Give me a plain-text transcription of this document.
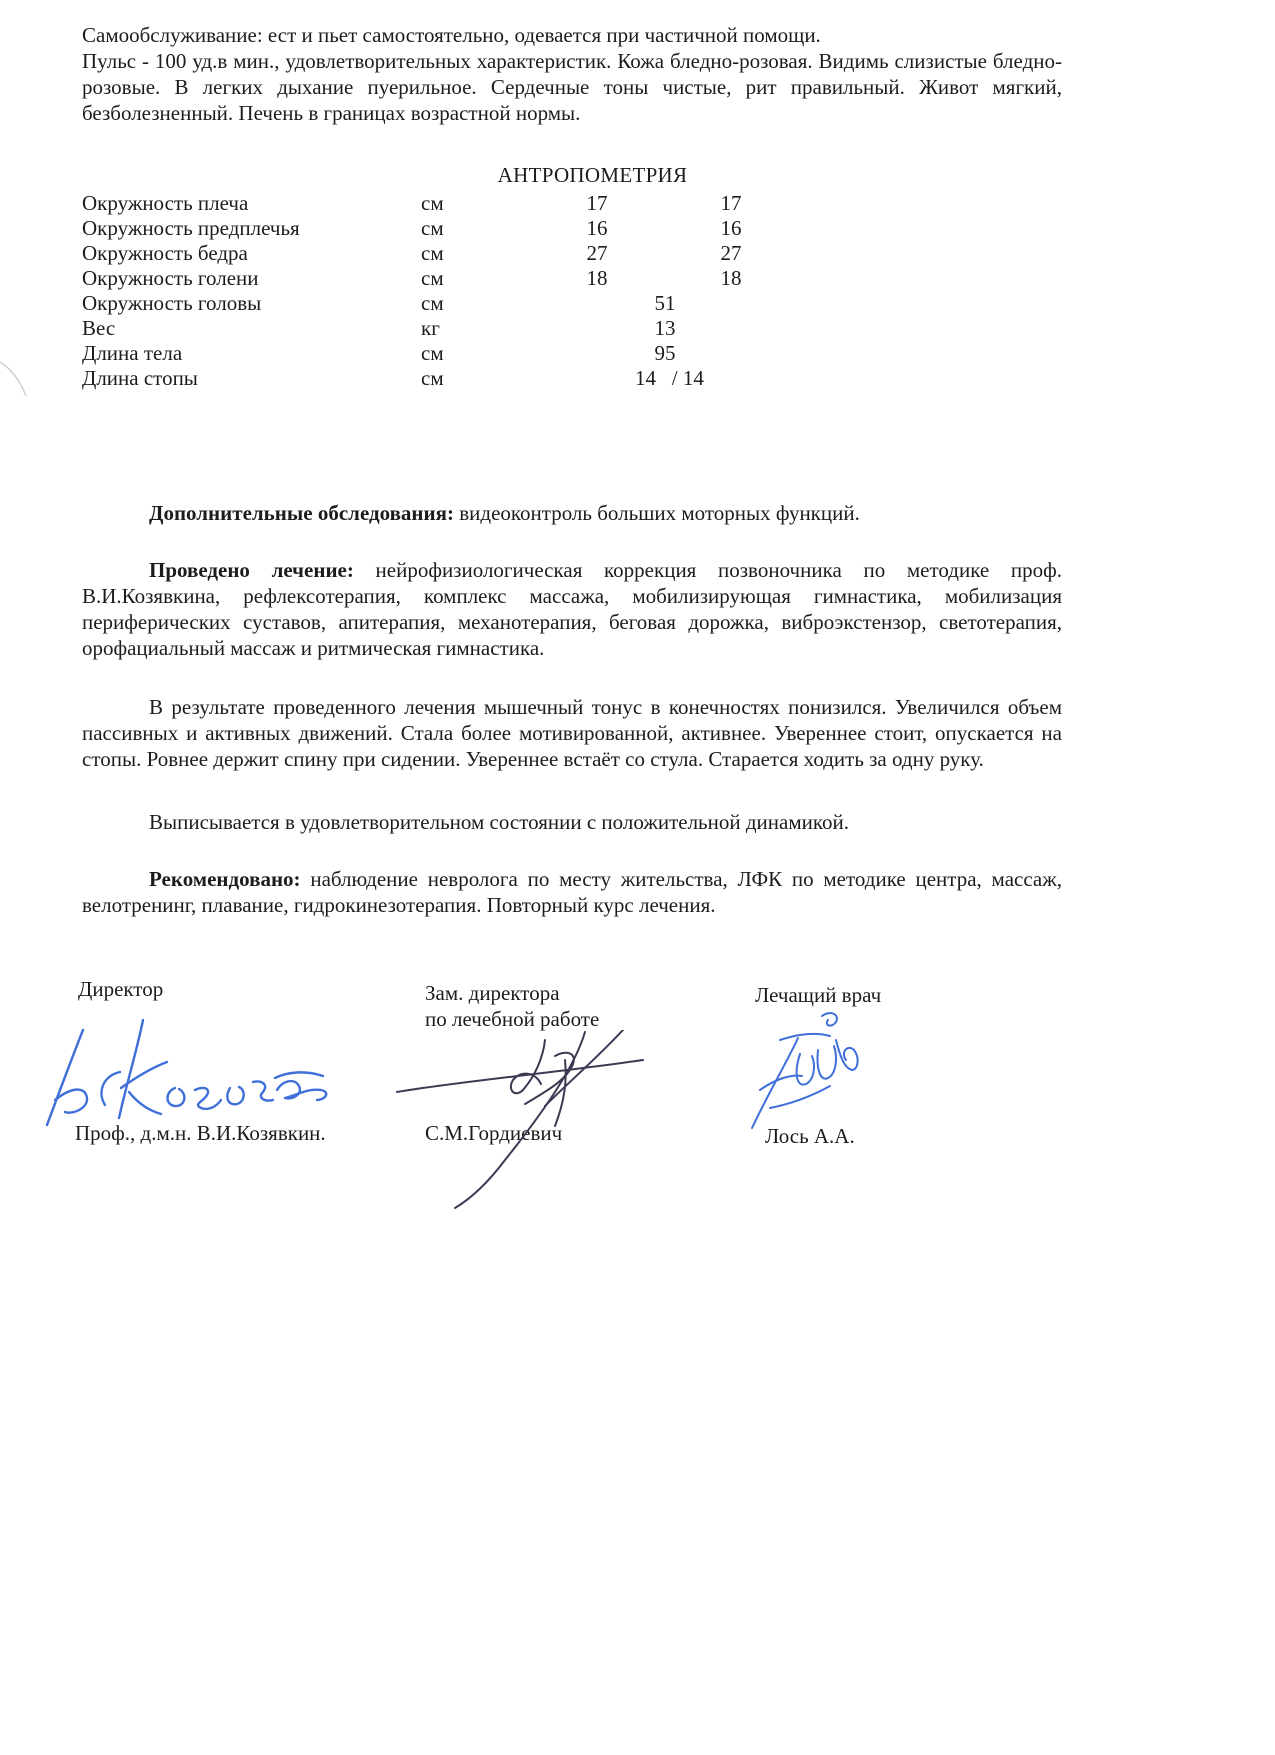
Самообслуживание: ест и пьет самостоятельно, одевается при частичной помощи.

Пульс - 100 уд.в мин., удовлетворительных характеристик. Кожа бледно-розовая. Видимь слизистые бледно-розовые. В легких дыхание пуерильное. Сердечные тоны чистые, рит правильный. Живот мягкий, безболезненный. Печень в границах возрастной нормы.

АНТРОПОМЕТРИЯ
Окружность плеча	см	17	17
Окружность предплечья	см	16	16
Окружность бедра	см	27	27
Окружность голени	см	18	18
Окружность головы	см	51
Вес	кг	13
Длина тела	см	95
Длина стопы	см	14   / 14

Дополнительные обследования: видеоконтроль больших моторных функций.

Проведено лечение: нейрофизиологическая коррекция позвоночника по методике проф. В.И.Козявкина, рефлексотерапия, комплекс массажа, мобилизирующая гимнастика, мобилизация периферических суставов, апитерапия, механотерапия, беговая дорожка, виброэкстензор, светотерапия, орофациальный массаж и ритмическая гимнастика.

В результате проведенного лечения мышечный тонус в конечностях понизился. Увеличился объем пассивных и активных движений. Стала более мотивированной, активнее. Увереннее стоит, опускается на стопы. Ровнее держит спину при сидении. Увереннее встаёт со стула. Старается ходить за одну руку.

Выписывается в удовлетворительном состоянии с положительной динамикой.

Рекомендовано: наблюдение невролога по месту жительства, ЛФК по методике центра, массаж, велотренинг, плавание, гидрокинезотерапия. Повторный курс лечения.

Директор	Зам. директора
по лечебной работе
Лечащий врач
Проф., д.м.н. В.И.Козявкин.	С.М.Гордиевич	Лось А.А.
